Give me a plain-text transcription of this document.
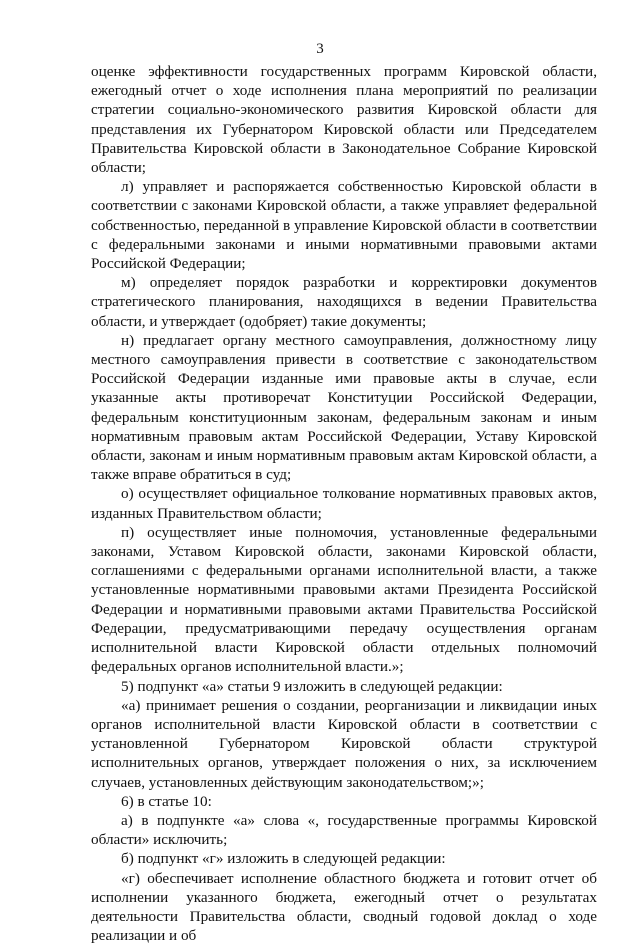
3

оценке эффективности государственных программ Кировской области, ежегодный отчет о ходе исполнения плана мероприятий по реализации стратегии социально-экономического развития Кировской области для представления их Губернатором Кировской области или Председателем Правительства Кировской области в Законодательное Собрание Кировской области;

л) управляет и распоряжается собственностью Кировской области в соответствии с законами Кировской области, а также управляет федеральной собственностью, переданной в управление Кировской области в соответствии с федеральными законами и иными нормативными правовыми актами Российской Федерации;

м) определяет порядок разработки и корректировки документов стратегического планирования, находящихся в ведении Правительства области, и утверждает (одобряет) такие документы;

н) предлагает органу местного самоуправления, должностному лицу местного самоуправления привести в соответствие с законодательством Российской Федерации изданные ими правовые акты в случае, если указанные акты противоречат Конституции Российской Федерации, федеральным конституционным законам, федеральным законам и иным нормативным правовым актам Российской Федерации, Уставу Кировской области, законам и иным нормативным правовым актам Кировской области, а также вправе обратиться в суд;

о) осуществляет официальное толкование нормативных правовых актов, изданных Правительством области;

п) осуществляет иные полномочия, установленные федеральными законами, Уставом Кировской области, законами Кировской области, соглашениями с федеральными органами исполнительной власти, а также установленные нормативными правовыми актами Президента Российской Федерации и нормативными правовыми актами Правительства Российской Федерации, предусматривающими передачу осуществления органам исполнительной власти Кировской области отдельных полномочий федеральных органов исполнительной власти.»;

5) подпункт «а» статьи 9 изложить в следующей редакции:

«а) принимает решения о создании, реорганизации и ликвидации иных органов исполнительной власти Кировской области в соответствии с установленной Губернатором Кировской области структурой исполнительных органов, утверждает положения о них, за исключением случаев, установленных действующим законодательством;»;

6) в статье 10:

а) в подпункте «а» слова «, государственные программы Кировской области» исключить;

б) подпункт «г» изложить в следующей редакции:

«г) обеспечивает исполнение областного бюджета и готовит отчет об исполнении указанного бюджета, ежегодный отчет о результатах деятельности Правительства области, сводный годовой доклад о ходе реализации и об
